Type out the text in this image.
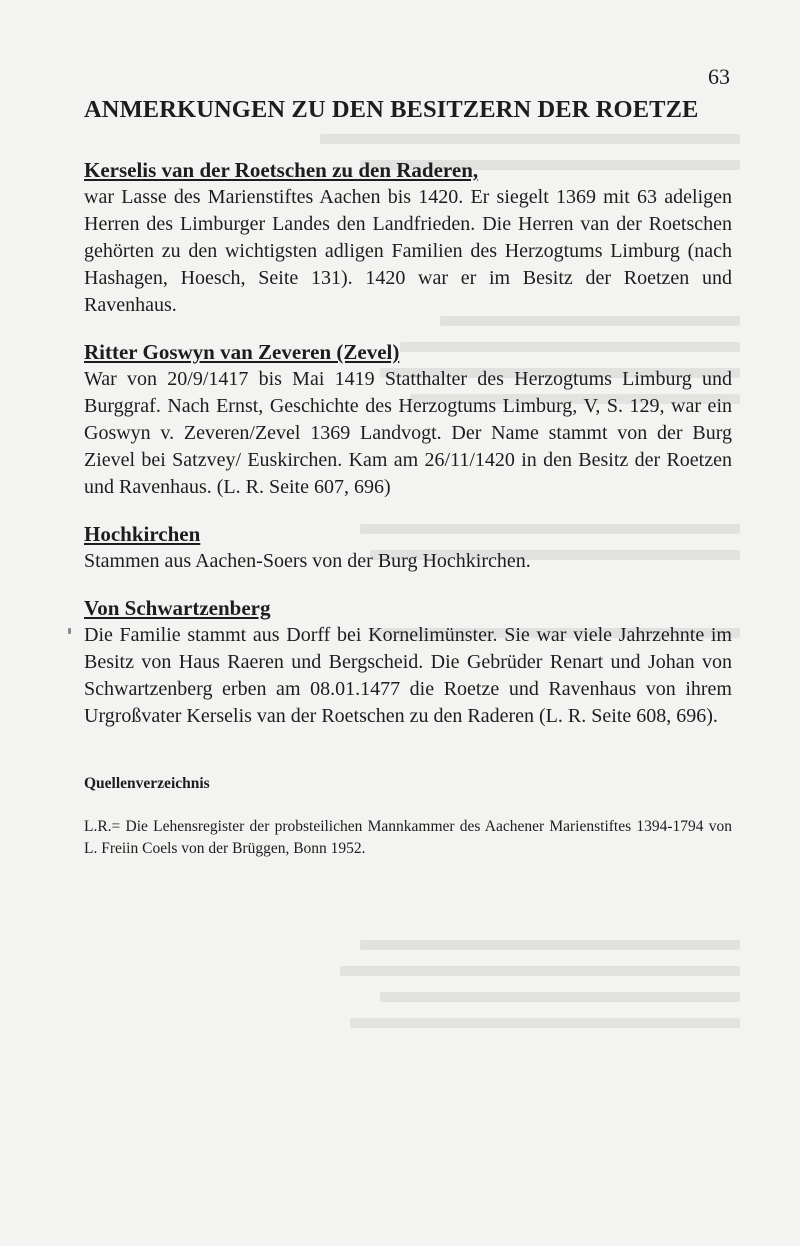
63

ANMERKUNGEN ZU DEN BESITZERN DER ROETZE
Kerselis van der Roetschen zu den Raderen,

war Lasse des Marienstiftes Aachen bis 1420. Er siegelt 1369 mit 63 adeligen Herren des Limburger Landes den Landfrieden. Die Herren van der Roetschen gehörten zu den wichtigsten adligen Familien des Herzogtums Limburg (nach Hashagen, Hoesch, Seite 131). 1420 war er im Besitz der Roetzen und Ravenhaus.

Ritter Goswyn van Zeveren (Zevel)

War von 20/9/1417 bis Mai 1419 Statthalter des Herzogtums Limburg und Burggraf. Nach Ernst, Geschichte des Herzogtums Limburg, V, S. 129, war ein Goswyn v. Zeveren/Zevel 1369 Landvogt. Der Name stammt von der Burg Zievel bei Satzvey/ Euskirchen. Kam am 26/11/1420 in den Besitz der Roetzen und Ravenhaus. (L. R. Seite 607, 696)

Hochkirchen

Stammen aus Aachen-Soers von der Burg Hochkirchen.

Von Schwartzenberg

Die Familie stammt aus Dorff bei Kornelimünster. Sie war viele Jahrzehnte im Besitz von Haus Raeren und Bergscheid. Die Gebrüder Renart und Johan von Schwartzenberg erben am 08.01.1477 die Roetze und Ravenhaus von ihrem Urgroßvater Kerselis van der Roetschen zu den Raderen (L. R. Seite 608, 696).

Quellenverzeichnis

L.R.= Die Lehensregister der probsteilichen Mannkammer des Aachener Marienstiftes 1394-1794 von L. Freiin Coels von der Brüggen, Bonn 1952.
